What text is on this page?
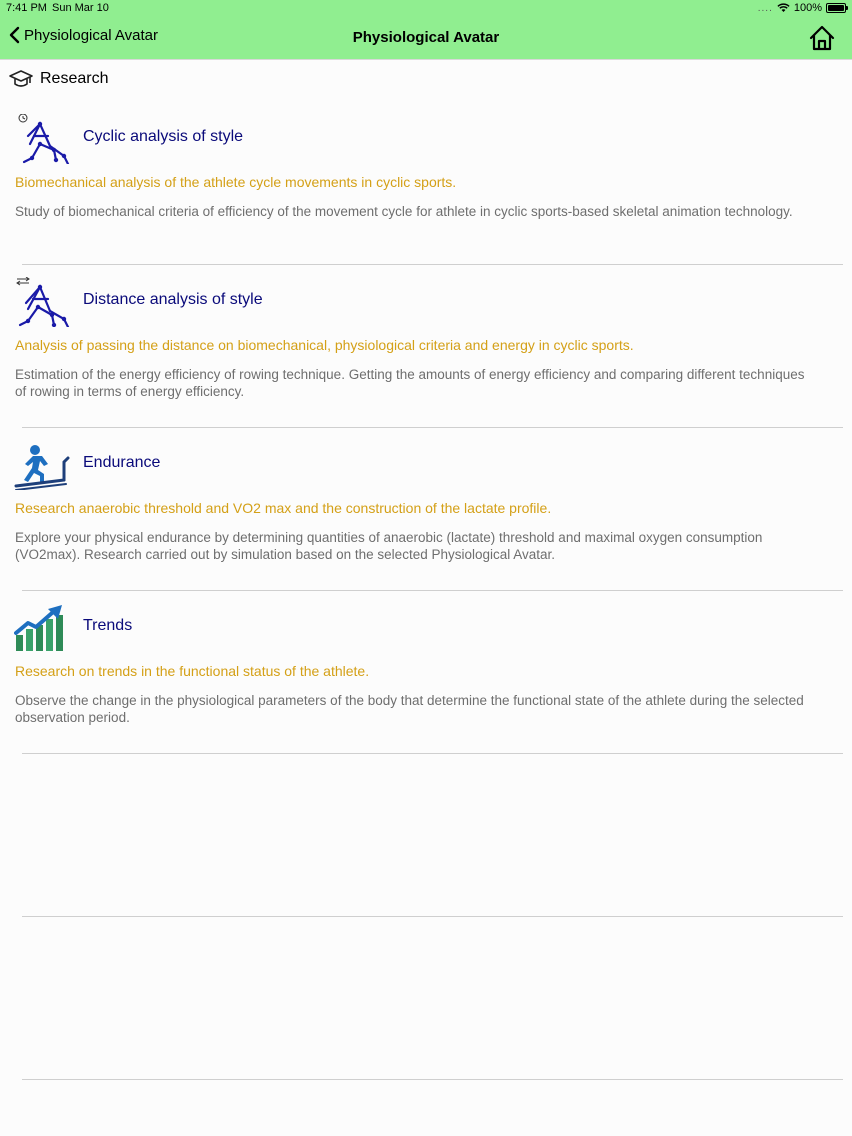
7:41 PM Sun Mar 10	.... 100%
Physiological Avatar	Physiological Avatar
Research
Cyclic analysis of style
Biomechanical analysis of the athlete cycle movements in cyclic sports.
Study of biomechanical criteria of efficiency of the movement cycle for athlete in cyclic sports-based skeletal animation technology.
Distance analysis of style
Analysis of passing the distance on biomechanical, physiological criteria and energy in cyclic sports.
Estimation of the energy efficiency of rowing technique. Getting the amounts of energy efficiency and comparing different techniques of rowing in terms of energy efficiency.
Endurance
Research anaerobic threshold and VO2 max and the construction of the lactate profile.
Explore your physical endurance by determining quantities of anaerobic (lactate) threshold and maximal oxygen consumption (VO2max). Research carried out by simulation based on the selected Physiological Avatar.
Trends
Research on trends in the functional status of the athlete.
Observe the change in the physiological parameters of the body that determine the functional state of the athlete during the selected observation period.
